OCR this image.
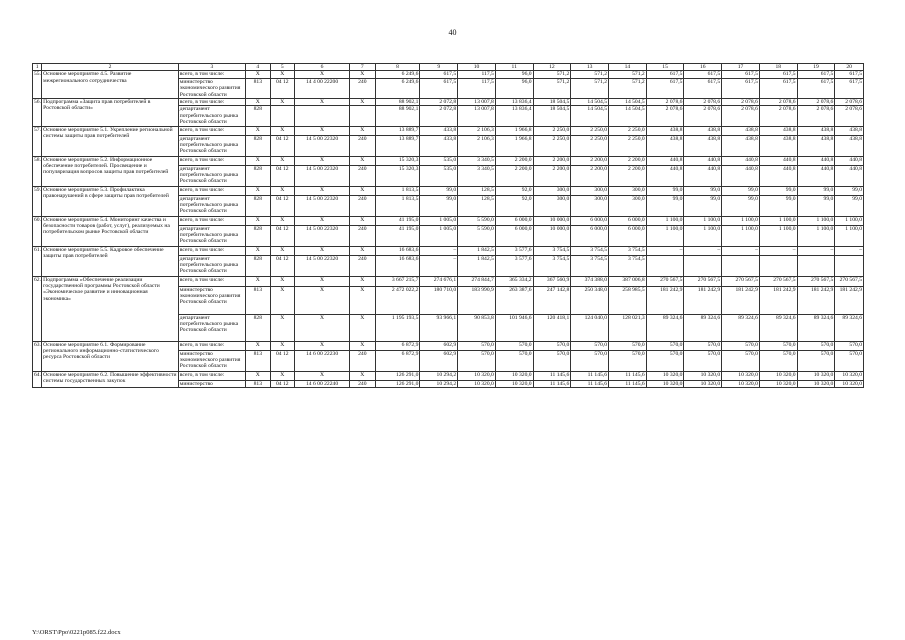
40
1	2	3	4	5	6	7	8	9	10	11	12	13	14	15	16	17	18	19	20
55.	Основное мероприятие 4.5. Развитие межрегионального сотрудничества	всего, в том числе:	Х	Х	Х	Х	6 249,6	617,5	117,5	96,0	571,2	571,2	571,2	617,5	617,5	617,5	617,5	617,5	617,5
		министерство экономического развития Ростовской области	813	04 12	14 4 00 22200	240	6 249,6	617,5	117,5	96,0	571,2	571,2	571,2	617,5	617,5	617,5	617,5	617,5	617,5
56.	Подпрограмма «Защита прав потребителей в Ростовской области»	всего, в том числе:	Х	Х	Х	Х	88 902,1	2 072,8	13 007,8	13 836,4	18 504,5	14 504,5	14 504,5	2 078,6	2 078,6	2 078,6	2 078,6	2 078,6	2 078,6
		департамент потребительского рынка Ростовской области	828				88 902,1	2 072,8	13 007,8	13 836,4	18 504,5	14 504,5	14 504,5	2 078,6	2 078,6	2 078,6	2 078,6	2 078,6	2 078,6
57.	Основное мероприятие 5.1. Укрепление региональной системы защиты прав потребителей	всего, в том числе:	Х	Х	Х	Х	13 889,7	433,8	2 106,3	1 966,8	2 250,0	2 250,0	2 250,0	438,8	438,8	438,8	438,8	438,8	438,8
		департамент потребительского рынка Ростовской области	828	04 12	14 5 00 22320	240	13 889,7	433,8	2 106,3	1 966,8	2 250,0	2 250,0	2 250,0	438,8	438,8	438,8	438,8	438,8	438,8
58.	Основное мероприятие 5.2. Информационное обеспечение потребителей. Просвещение и популяризация вопросов защиты прав потребителей	всего, в том числе:	Х	Х	Х	Х	15 320,3	535,0	3 340,5	2 200,0	2 200,0	2 200,0	2 200,0	440,8	440,8	440,8	440,8	440,8	440,8
		департамент потребительского рынка Ростовской области	828	04 12	14 5 00 22320	240	15 320,3	535,0	3 340,5	2 200,0	2 200,0	2 200,0	2 200,0	440,8	440,8	440,8	440,8	440,8	440,8
59.	Основное мероприятие 5.3. Профилактика правонарушений в сфере защиты прав потребителей	всего, в том числе:	Х	Х	Х	Х	1 813,5	99,0	128,5	92,0	300,0	300,0	300,0	99,0	99,0	99,0	99,0	99,0	99,0
		департамент потребительского рынка Ростовской области	828	04 12	14 5 00 22320	240	1 813,5	99,0	128,5	92,0	300,0	300,0	300,0	99,0	99,0	99,0	99,0	99,0	99,0
60.	Основное мероприятие 5.4. Мониторинг качества и безопасности товаров (работ, услуг), реализуемых на потребительском рынке Ростовской области	всего, в том числе:	Х	Х	Х	Х	41 195,0	1 005,0	5 590,0	6 000,0	10 000,0	6 000,0	6 000,0	1 100,0	1 100,0	1 100,0	1 100,0	1 100,0	1 100,0
		департамент потребительского рынка Ростовской области	828	04 12	14 5 00 22320	240	41 195,0	1 005,0	5 590,0	6 000,0	10 000,0	6 000,0	6 000,0	1 100,0	1 100,0	1 100,0	1 100,0	1 100,0	1 100,0
61.	Основное мероприятие 5.5. Кадровое обеспечение защиты прав потребителей	всего, в том числе:	Х	Х	Х	Х	16 683,6	–	1 842,5	3 577,6	3 754,5	3 754,5	3 754,5	–	–	–	–	–	–
		департамент потребительского рынка Ростовской области	828	04 12	14 5 00 22320	240	16 683,6	–	1 842,5	3 577,6	3 754,5	3 754,5	3 754,5						
62.	Подпрограмма «Обеспечение реализации государственной программы Ростовской области «Экономическое развитие и инновационная экономика»	всего, в том числе:	Х	Х	Х	Х	3 667 215,7	274 676,1	274 844,7	365 334,2	367 560,9	374 388,0	387 006,8	270 567,5	270 567,5	270 567,5	270 567,5	270 567,5	270 567,5
		министерство экономического развития Ростовской области	813	Х	Х	Х	2 472 022,2	180 710,0	183 990,9	263 387,6	247 142,8	250 348,0	258 985,5	181 242,9	181 242,9	181 242,9	181 242,9	181 242,9	181 242,9
		департамент потребительского рынка Ростовской области	828	Х	Х	Х	1 195 193,5	93 966,1	90 853,8	101 946,6	120 418,1	124 040,0	128 021,3	89 324,6	89 324,6	89 324,6	89 324,6	89 324,6	89 324,6
63.	Основное мероприятие 6.1. Формирование регионального информационно-статистического ресурса Ростовской области	всего, в том числе:	Х	Х	Х	Х	6 872,9	602,9	570,0	570,0	570,0	570,0	570,0	570,0	570,0	570,0	570,0	570,0	570,0
		министерство экономического развития Ростовской области	813	04 12	14 6 00 22230	240	6 872,9	602,9	570,0	570,0	570,0	570,0	570,0	570,0	570,0	570,0	570,0	570,0	570,0
64.	Основное мероприятие 6.2. Повышение эффективности системы государственных закупок	всего, в том числе:	Х	Х	Х	Х	126 291,0	10 294,2	10 320,0	10 320,0	11 145,6	11 145,6	11 145,6	10 320,0	10 320,0	10 320,0	10 320,0	10 320,0	10 320,0
		министерство	813	04 12	14 6 00 22240	240	126 291,0	10 294,2	10 320,0	10 320,0	11 145,6	11 145,6	11 145,6	10 320,0	10 320,0	10 320,0	10 320,0	10 320,0	10 320,0
Y:\ORST\Ppo\0221p085.f22.docx
